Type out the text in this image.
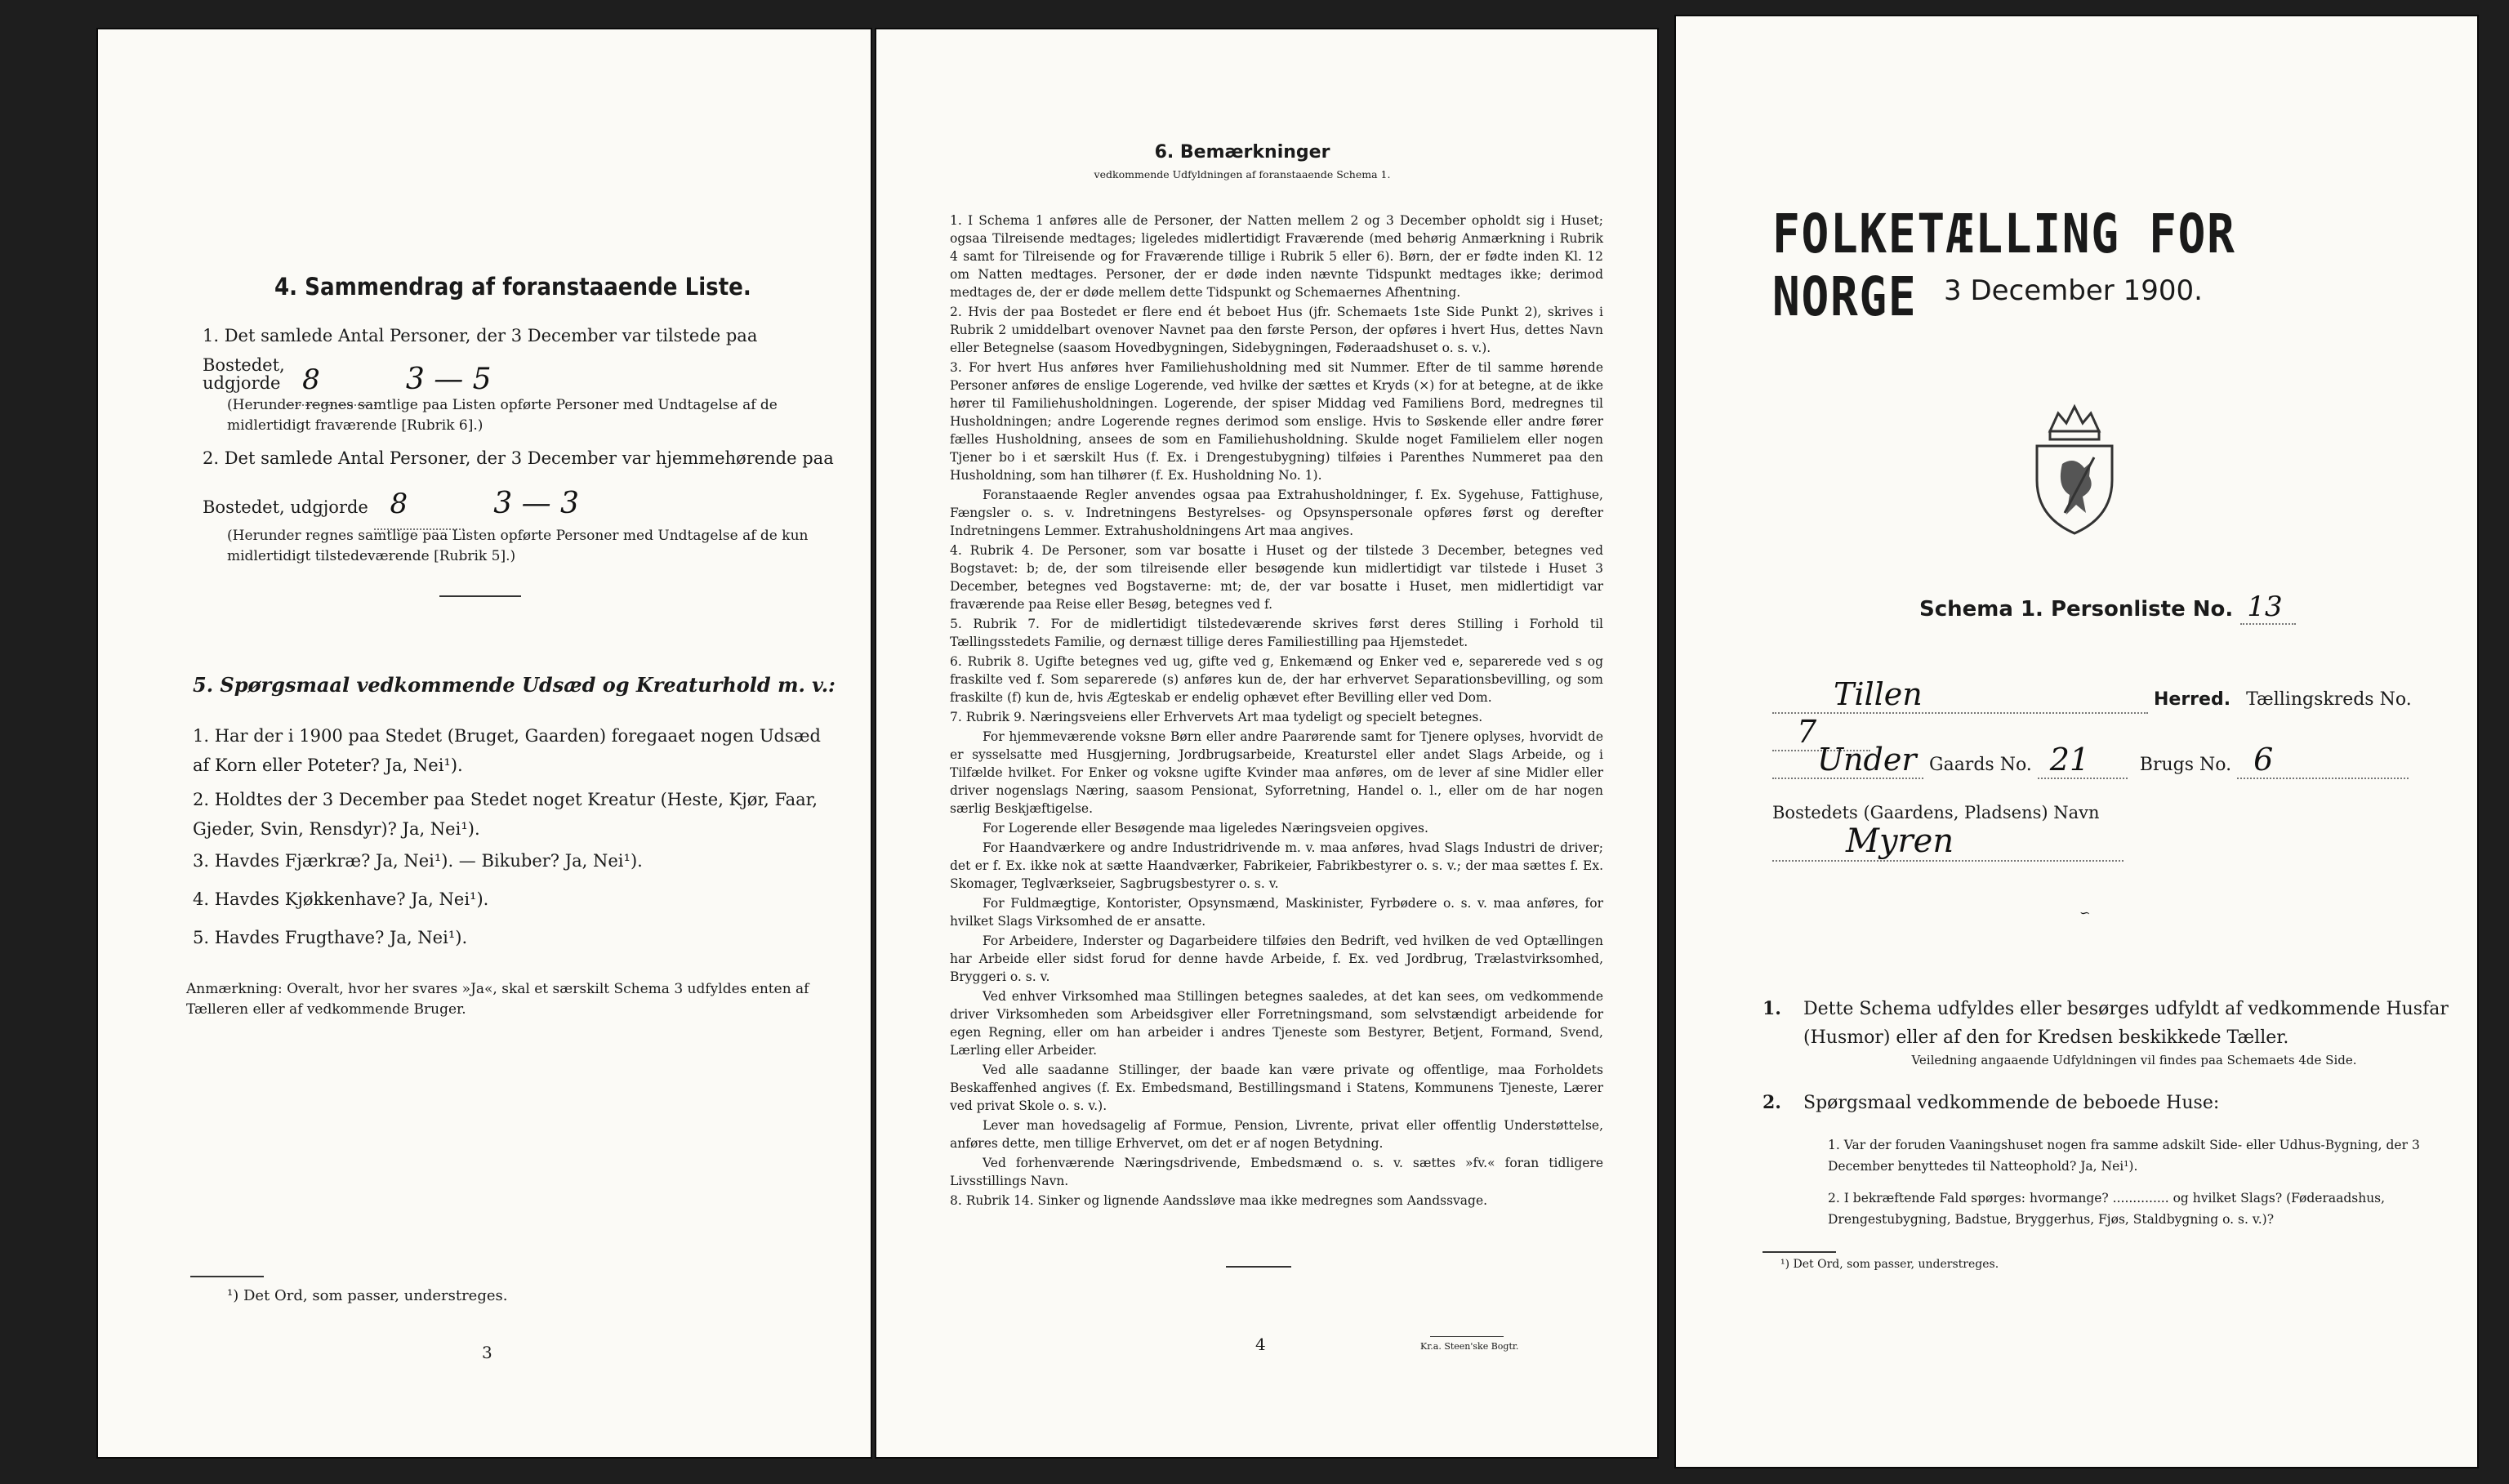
4. Sammendrag af foranstaaende Liste.
1. Det samlede Antal Personer, der 3 December var tilstede paa Bostedet,
udgjorde 8	3 — 5
(Herunder regnes samtlige paa Listen opførte Personer med Undtagelse af de midlertidigt fraværende [Rubrik 6].)
2. Det samlede Antal Personer, der 3 December var hjemmehørende paa
Bostedet, udgjorde 8	3 — 3
(Herunder regnes samtlige paa Listen opførte Personer med Undtagelse af de kun midlertidigt tilstedeværende [Rubrik 5].)
5. Spørgsmaal vedkommende Udsæd og Kreaturhold m. v.:
1. Har der i 1900 paa Stedet (Bruget, Gaarden) foregaaet nogen Udsæd af Korn eller Poteter? Ja, Nei¹).
2. Holdtes der 3 December paa Stedet noget Kreatur (Heste, Kjør, Faar, Gjeder, Svin, Rensdyr)? Ja, Nei¹).
3. Havdes Fjærkræ? Ja, Nei¹). — Bikuber? Ja, Nei¹).
4. Havdes Kjøkkenhave? Ja, Nei¹).
5. Havdes Frugthave? Ja, Nei¹).
Anmærkning: Overalt, hvor her svares »Ja«, skal et særskilt Schema 3 udfyldes enten af Tælleren eller af vedkommende Bruger.
¹) Det Ord, som passer, understreges.
3
6. Bemærkninger
vedkommende Udfyldningen af foranstaaende Schema 1.
1. I Schema 1 anføres alle de Personer, der Natten mellem 2 og 3 December opholdt sig i Huset; ogsaa Tilreisende medtages; ligeledes midlertidigt Fraværende (med behørig Anmærkning i Rubrik 4 samt for Tilreisende og for Fraværende tillige i Rubrik 5 eller 6). Børn, der er fødte inden Kl. 12 om Natten medtages. Personer, der er døde inden nævnte Tidspunkt medtages ikke; derimod medtages de, der er døde mellem dette Tidspunkt og Schemaernes Afhentning.
2. Hvis der paa Bostedet er flere end ét beboet Hus (jfr. Schemaets 1ste Side Punkt 2), skrives i Rubrik 2 umiddelbart ovenover Navnet paa den første Person, der opføres i hvert Hus, dettes Navn eller Betegnelse (saasom Hovedbygningen, Sidebygningen, Føderaadshuset o. s. v.).
3. For hvert Hus anføres hver Familiehusholdning med sit Nummer. Efter de til samme hørende Personer anføres de enslige Logerende, ved hvilke der sættes et Kryds (×) for at betegne, at de ikke hører til Familiehusholdningen. Logerende, der spiser Middag ved Familiens Bord, medregnes til Husholdningen; andre Logerende regnes derimod som enslige. Hvis to Søskende eller andre fører fælles Husholdning, ansees de som en Familiehusholdning. Skulde noget Familielem eller nogen Tjener bo i et særskilt Hus (f. Ex. i Drengestubygning) tilføies i Parenthes Nummeret paa den Husholdning, som han tilhører (f. Ex. Husholdning No. 1).
Foranstaaende Regler anvendes ogsaa paa Extrahusholdninger, f. Ex. Sygehuse, Fattighuse, Fængsler o. s. v. Indretningens Bestyrelses- og Opsynspersonale opføres først og derefter Indretningens Lemmer. Extrahusholdningens Art maa angives.
4. Rubrik 4. De Personer, som var bosatte i Huset og der tilstede 3 December, betegnes ved Bogstavet: b; de, der som tilreisende eller besøgende kun midlertidigt var tilstede i Huset 3 December, betegnes ved Bogstaverne: mt; de, der var bosatte i Huset, men midlertidigt var fraværende paa Reise eller Besøg, betegnes ved f.
5. Rubrik 7. For de midlertidigt tilstedeværende skrives først deres Stilling i Forhold til Tællingsstedets Familie, og dernæst tillige deres Familiestilling paa Hjemstedet.
6. Rubrik 8. Ugifte betegnes ved ug, gifte ved g, Enkemænd og Enker ved e, separerede ved s og fraskilte ved f. Som separerede (s) anføres kun de, der har erhvervet Separationsbevilling, og som fraskilte (f) kun de, hvis Ægteskab er endelig ophævet efter Bevilling eller ved Dom.
7. Rubrik 9. Næringsveiens eller Erhvervets Art maa tydeligt og specielt betegnes.
For hjemmeværende voksne Børn eller andre Paarørende samt for Tjenere oplyses, hvorvidt de er sysselsatte med Husgjerning, Jordbrugsarbeide, Kreaturstel eller andet Slags Arbeide, og i Tilfælde hvilket. For Enker og voksne ugifte Kvinder maa anføres, om de lever af sine Midler eller driver nogenslags Næring, saasom Pensionat, Syforretning, Handel o. l., eller om de har nogen særlig Beskjæftigelse.
For Logerende eller Besøgende maa ligeledes Næringsveien opgives.
For Haandværkere og andre Industridrivende m. v. maa anføres, hvad Slags Industri de driver; det er f. Ex. ikke nok at sætte Haandværker, Fabrikeier, Fabrikbestyrer o. s. v.; der maa sættes f. Ex. Skomager, Teglværkseier, Sagbrugsbestyrer o. s. v.
For Fuldmægtige, Kontorister, Opsynsmænd, Maskinister, Fyrbødere o. s. v. maa anføres, for hvilket Slags Virksomhed de er ansatte.
For Arbeidere, Inderster og Dagarbeidere tilføies den Bedrift, ved hvilken de ved Optællingen har Arbeide eller sidst forud for denne havde Arbeide, f. Ex. ved Jordbrug, Trælastvirksomhed, Bryggeri o. s. v.
Ved enhver Virksomhed maa Stillingen betegnes saaledes, at det kan sees, om vedkommende driver Virksomheden som Arbeidsgiver eller Forretningsmand, som selvstændigt arbeidende for egen Regning, eller om han arbeider i andres Tjeneste som Bestyrer, Betjent, Formand, Svend, Lærling eller Arbeider.
Ved alle saadanne Stillinger, der baade kan være private og offentlige, maa Forholdets Beskaffenhed angives (f. Ex. Embedsmand, Bestillingsmand i Statens, Kommunens Tjeneste, Lærer ved privat Skole o. s. v.).
Lever man hovedsagelig af Formue, Pension, Livrente, privat eller offentlig Understøttelse, anføres dette, men tillige Erhvervet, om det er af nogen Betydning.
Ved forhenværende Næringsdrivende, Embedsmænd o. s. v. sættes »fv.« foran tidligere Livsstillings Navn.
8. Rubrik 14. Sinker og lignende Aandssløve maa ikke medregnes som Aandssvage.
4	Kr.a. Steen'ske Bogtr.
FOLKETÆLLING FOR NORGE 3 December 1900.
Schema 1. Personliste No. 13
Tillen	Herred. Tællingskreds No. 7
Under Gaards No. 21	Brugs No. 6
Bostedets (Gaardens, Pladsens) Navn Myren
∽
1. Dette Schema udfyldes eller besørges udfyldt af vedkommende Husfar (Husmor) eller af den for Kredsen beskikkede Tæller.
Veiledning angaaende Udfyldningen vil findes paa Schemaets 4de Side.
2. Spørgsmaal vedkommende de beboede Huse:
1. Var der foruden Vaaningshuset nogen fra samme adskilt Side- eller Udhus-Bygning, der 3 December benyttedes til Natteophold? Ja, Nei¹).
2. I bekræftende Fald spørges: hvormange? .............. og hvilket Slags? (Føderaadshus, Drengestubygning, Badstue, Bryggerhus, Fjøs, Staldbygning o. s. v.)?
¹) Det Ord, som passer, understreges.
